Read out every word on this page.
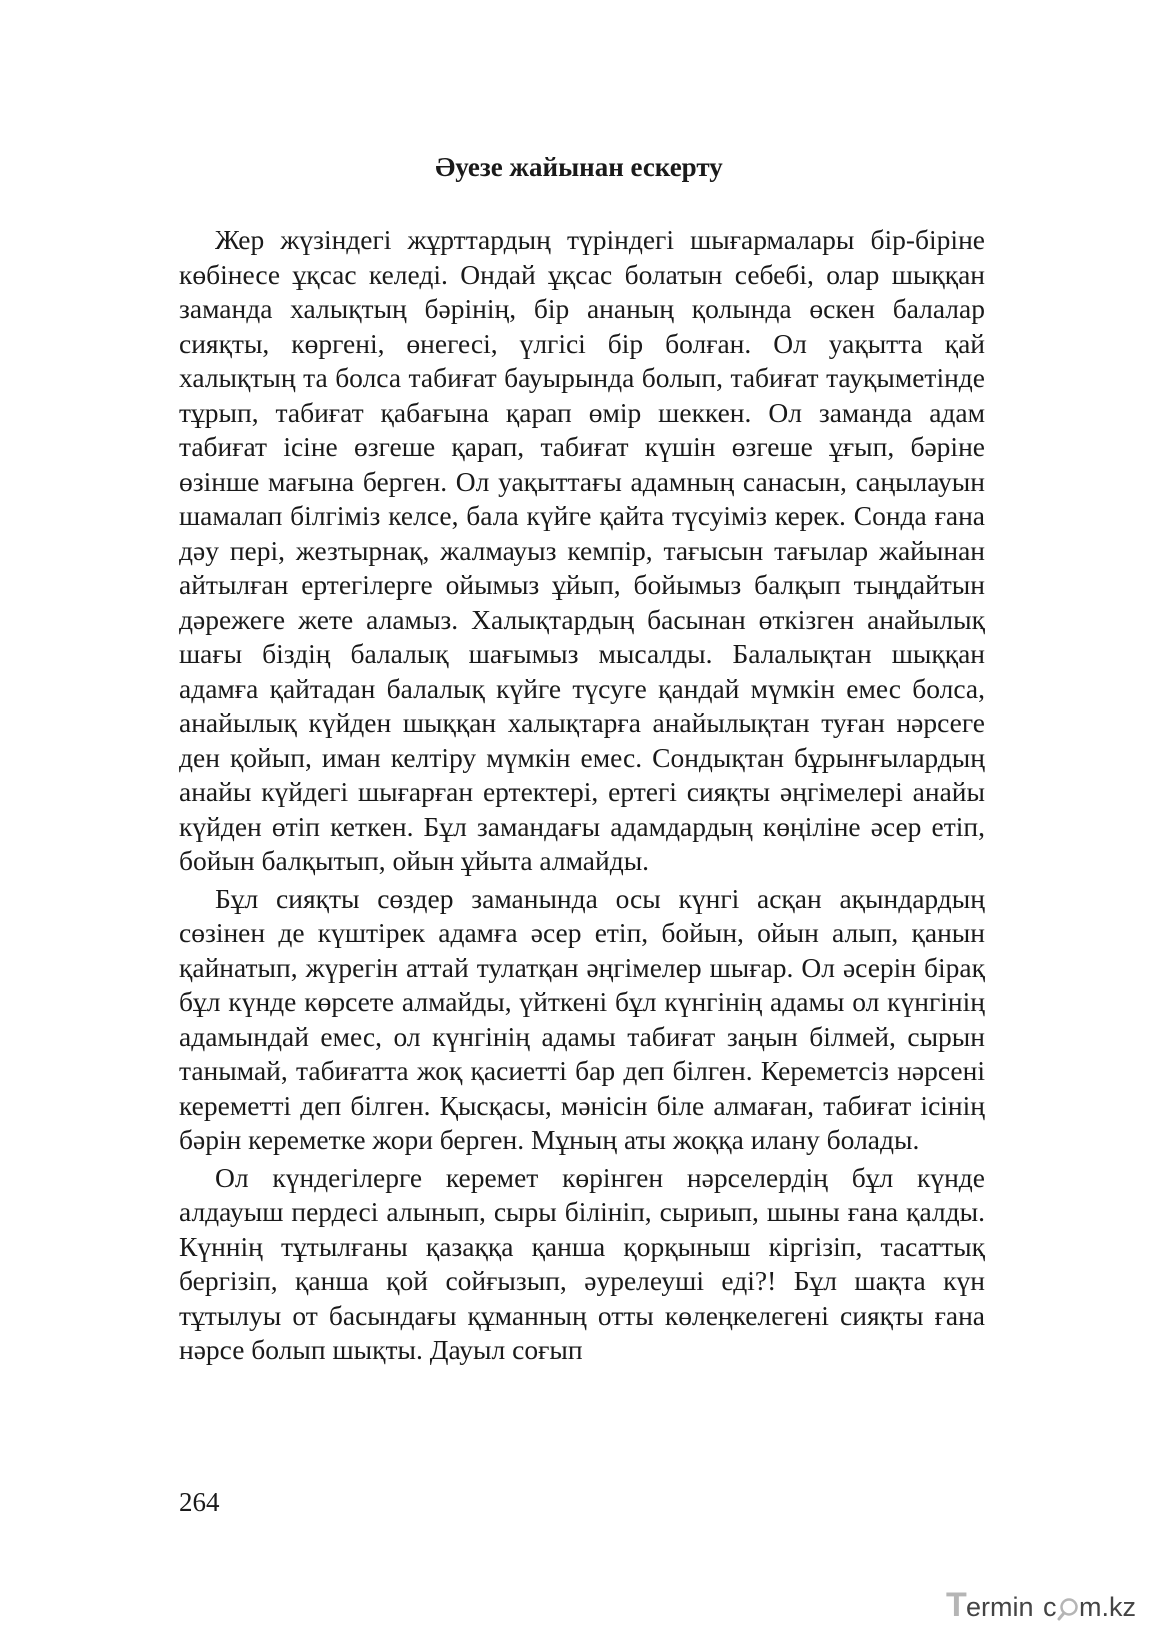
Әуезе жайынан ескерту

Жер жүзіндегі жұрттардың түріндегі шығармалары бір-біріне көбінесе ұқсас келеді. Ондай ұқсас болатын себебі, олар шыққан заманда халықтың бәрінің, бір ананың қолында өскен балалар сияқты, көргені, өнегесі, үлгісі бір болған. Ол уақытта қай халықтың та болса табиғат бауырында болып, табиғат тауқыметінде тұрып, табиғат қабағына қарап өмір шеккен. Ол заманда адам табиғат ісіне өзгеше қарап, табиғат күшін өзгеше ұғып, бәріне өзінше мағына берген. Ол уақыттағы адамның санасын, саңылауын шамалап білгіміз келсе, бала күйге қайта түсуіміз керек. Сонда ғана дәу пері, жезтырнақ, жалмауыз кемпір, тағысын тағылар жайынан айтылған ертегілерге ойымыз ұйып, бойымыз балқып тыңдайтын дәрежеге жете аламыз. Халықтардың басынан өткізген анайылық шағы біздің балалық шағымыз мысалды. Балалықтан шыққан адамға қайтадан балалық күйге түсуге қандай мүмкін емес болса, анайылық күйден шыққан халықтарға анайылықтан туған нәрсеге ден қойып, иман келтіру мүмкін емес. Сондықтан бұрынғылардың анайы күйдегі шығарған ертектері, ертегі сияқты әңгімелері анайы күйден өтіп кеткен. Бұл замандағы адамдардың көңіліне әсер етіп, бойын балқытып, ойын ұйыта алмайды.

Бұл сияқты сөздер заманында осы күнгі асқан ақындардың сөзінен де күштірек адамға әсер етіп, бойын, ойын алып, қанын қайнатып, жүрегін аттай тулатқан әңгімелер шығар. Ол әсерін бірақ бұл күнде көрсете алмайды, үйткені бұл күнгінің адамы ол күнгінің адамындай емес, ол күнгінің адамы табиғат заңын білмей, сырын танымай, табиғатта жоқ қасиетті бар деп білген. Кереметсіз нәрсені кереметті деп білген. Қысқасы, мәнісін біле алмаған, табиғат ісінің бәрін кереметке жори берген. Мұның аты жоққа илану болады.

Ол күндегілерге керемет көрінген нәрселердің бұл күнде алдауыш пердесі алынып, сыры білініп, сыриып, шыны ғана қалды. Күннің тұтылғаны қазаққа қанша қорқыныш кіргізіп, тасаттық бергізіп, қанша қой сойғызып, әурелеуші еді?! Бұл шақта күн тұтылуы от басындағы құманның отты көлеңкелегені сияқты ғана нәрсе болып шықты. Дауыл соғып

264
T ermin c m.kz
